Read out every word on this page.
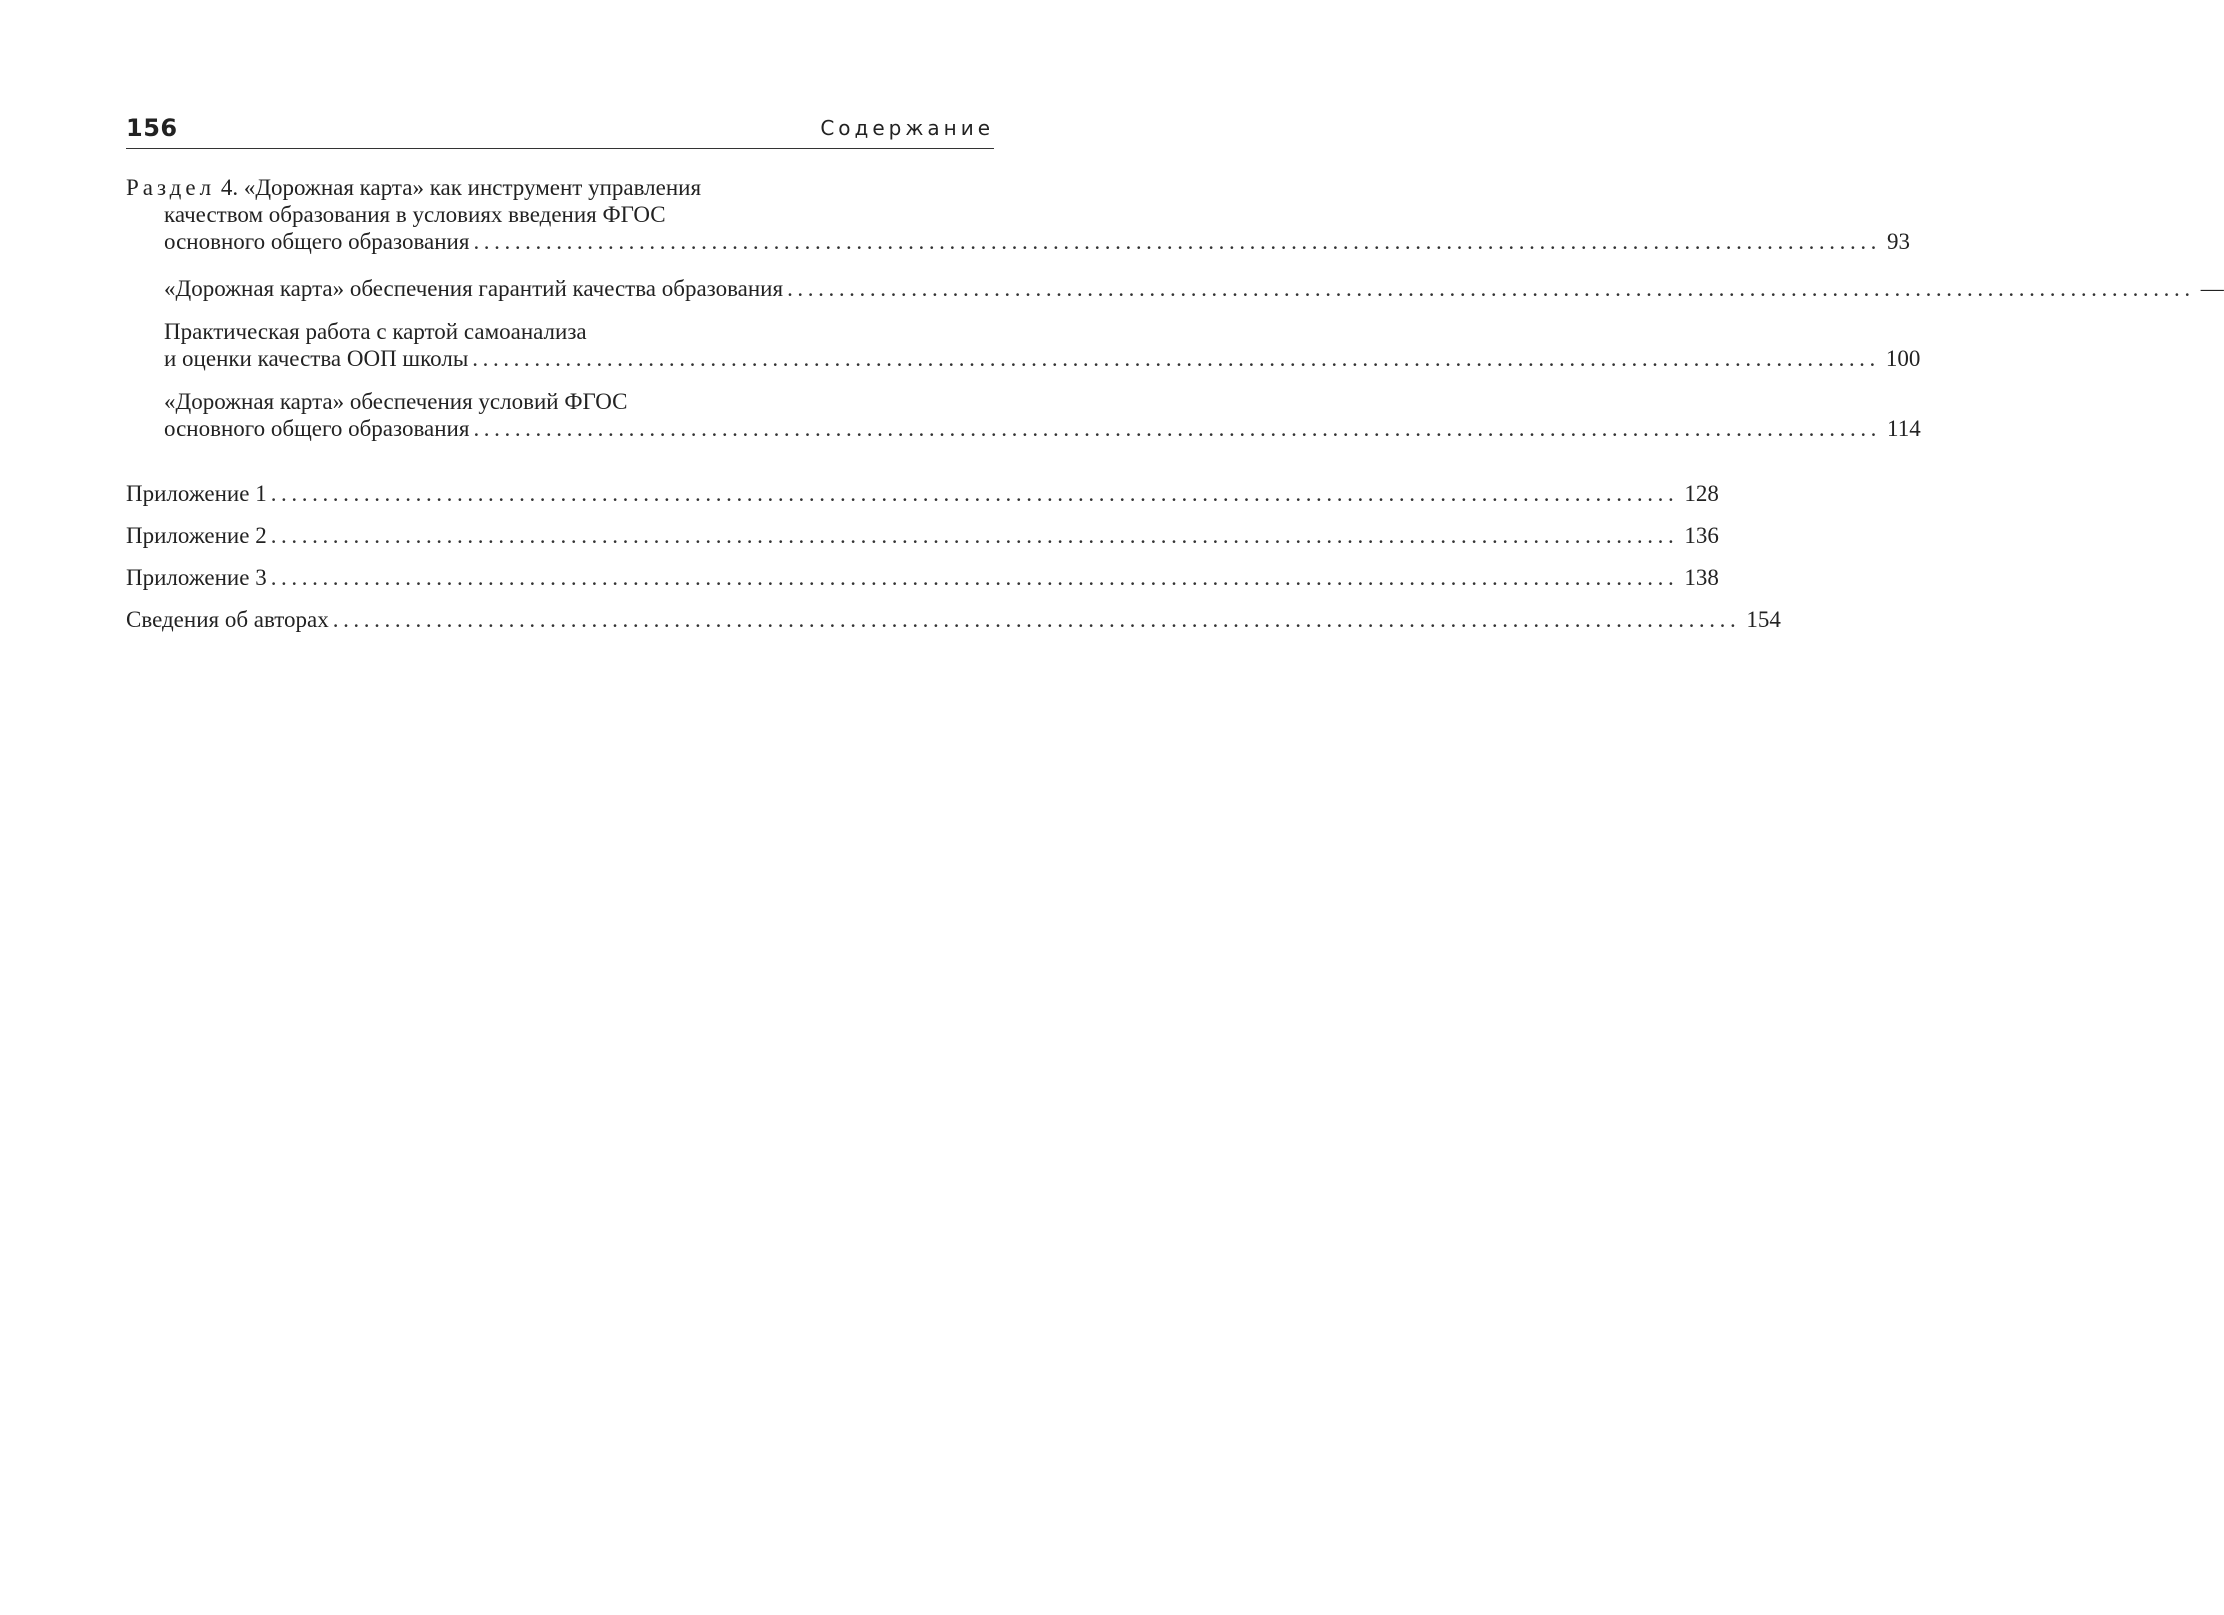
156	Содержание
Раздел 4. «Дорожная карта» как инструмент управления
качеством образования в условиях введения ФГОС
основного общего образования ........................................................................................................................................ 93
«Дорожная карта» обеспечения гарантий качества образования ........................................................................................................................................ —
Практическая работа с картой самоанализа
и оценки качества ООП школы ........................................................................................................................................ 100
«Дорожная карта» обеспечения условий ФГОС
основного общего образования ........................................................................................................................................ 114
Приложение 1 ........................................................................................................................................ 128
Приложение 2 ........................................................................................................................................ 136
Приложение 3 ........................................................................................................................................ 138
Сведения об авторах ........................................................................................................................................ 154
